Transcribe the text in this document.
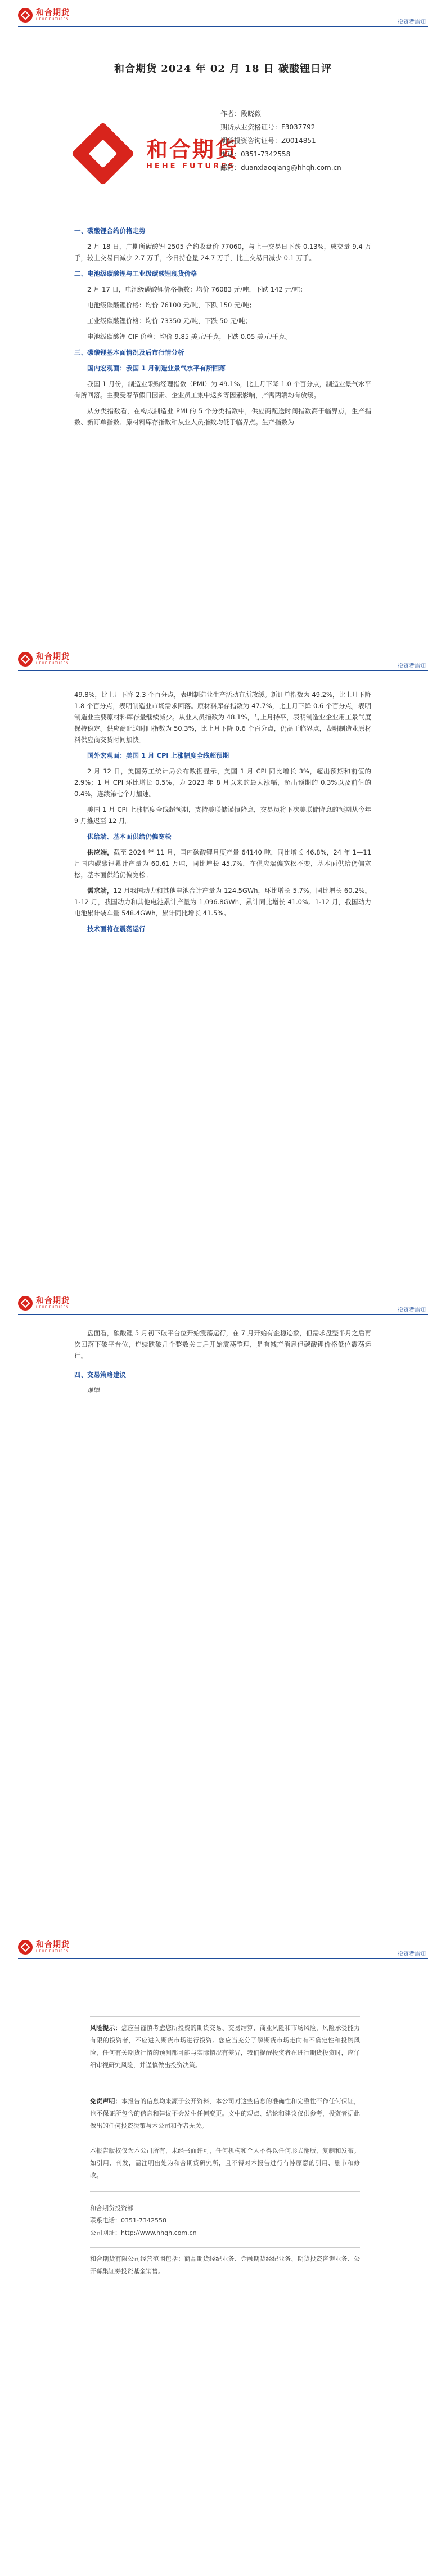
和合期货
HEHE FUTURES	投资者需知
和合期货 2024 年 02 月 18 日 碳酸锂日评
和合期货
HEHE FUTURES
作者：段晓薇
期货从业资格证号：F3037792
期货投资咨询证号：Z0014851
电话：0351-7342558
邮箱：duanxiaoqiang@hhqh.com.cn

一、碳酸锂合约价格走势

2 月 18 日，广期所碳酸锂 2505 合约收盘价 77060，与上一交易日下跌 0.13%，成交量 9.4 万手，较上交易日减少 2.7 万手，今日持仓量 24.7 万手，比上交易日减少 0.1 万手。

二、电池级碳酸锂与工业级碳酸锂现货价格

2 月 17 日，电池级碳酸锂价格指数：均价 76083 元/吨，下跌 142 元/吨；

电池级碳酸锂价格：均价 76100 元/吨，下跌 150 元/吨；

工业级碳酸锂价格：均价 73350 元/吨，下跌 50 元/吨；

电池级碳酸锂 CIF 价格：均价 9.85 美元/千克，下跌 0.05 美元/千克。

三、碳酸锂基本面情况及后市行情分析

国内宏观面：我国 1 月制造业景气水平有所回落

我国 1 月份，制造业采购经理指数（PMI）为 49.1%，比上月下降 1.0 个百分点，制造业景气水平有所回落。主要受春节假日因素、企业员工集中返乡等因素影响，产需两端均有放缓。

从分类指数看，在构成制造业 PMI 的 5 个分类指数中，供应商配送时间指数高于临界点，生产指数、新订单指数、原材料库存指数和从业人员指数均低于临界点。生产指数为

和合期货
HEHE FUTURES	投资者需知

49.8%，比上月下降 2.3 个百分点，表明制造业生产活动有所放缓。新订单指数为 49.2%，比上月下降 1.8 个百分点，表明制造业市场需求回落。原材料库存指数为 47.7%，比上月下降 0.6 个百分点，表明制造业主要原材料库存量继续减少。从业人员指数为 48.1%，与上月持平，表明制造业企业用工景气度保持稳定。供应商配送时间指数为 50.3%，比上月下降 0.6 个百分点，仍高于临界点，表明制造业原材料供应商交货时间加快。

国外宏观面：美国 1 月 CPI 上涨幅度全线超预期

2 月 12 日，美国劳工统计局公布数据显示，美国 1 月 CPI 同比增长 3%，超出预期和前值的 2.9%；1 月 CPI 环比增长 0.5%，为 2023 年 8 月以来的最大涨幅，超出预期的 0.3%以及前值的 0.4%，连续第七个月加速。

美国 1 月 CPI 上涨幅度全线超预期，支持美联储谨慎降息，交易员将下次美联储降息的预期从今年 9 月推迟至 12 月。

供给端、基本面供给仍偏宽松

供应端，截至 2024 年 11 月，国内碳酸锂月度产量 64140 吨，同比增长 46.8%，24 年 1—11 月国内碳酸锂累计产量为 60.61 万吨，同比增长 45.7%，在供应端偏宽松不变，基本面供给仍偏宽松，基本面供给仍偏宽松。

需求端，12 月我国动力和其他电池合计产量为 124.5GWh，环比增长 5.7%，同比增长 60.2%。1-12 月，我国动力和其他电池累计产量为 1,096.8GWh，累计同比增长 41.0%。1-12 月，我国动力电池累计装车量 548.4GWh，累计同比增长 41.5%。

技术面将在震荡运行

和合期货
HEHE FUTURES	投资者需知

盘面看，碳酸锂 5 月初下破平台位开始震荡运行，在 7 月开始有企稳迹象，但需求盘整半月之后再次回落下破平台位，连续跌破几个整数关口后开始震荡整理，是有减产消息但碳酸锂价格低位震荡运行。

四、交易策略建议

观望

和合期货
HEHE FUTURES	投资者需知
风险提示：您应当谨慎考虑您所投资的期货交易、交易结算、商业风险和市场风险，风险承受能力有限的投资者，不应进入期货市场进行投资。您应当充分了解期货市场走向有不确定性和投资风险，任何有关期货行情的预测都可能与实际情况有差异，我们提醒投资者在进行期货投资时，应仔细审视研究风险，并谨慎做出投资决策。
免责声明：本报告的信息均来源于公开资料，本公司对这些信息的准确性和完整性不作任何保证，也不保证所包含的信息和建议不会发生任何变更。文中的观点、结论和建议仅供参考，投资者据此做出的任何投资决策与本公司和作者无关。
本报告版权仅为本公司所有，未经书面许可，任何机构和个人不得以任何形式翻版、复制和发布。如引用、刊发，需注明出处为和合期货研究所，且不得对本报告进行有悖原意的引用、删节和修改。
和合期货投资部
联系电话：0351-7342558
公司网址：http://www.hhqh.com.cn
和合期货有限公司经营范围包括：商品期货经纪业务、金融期货经纪业务、期货投资咨询业务、公开募集证券投资基金销售。
